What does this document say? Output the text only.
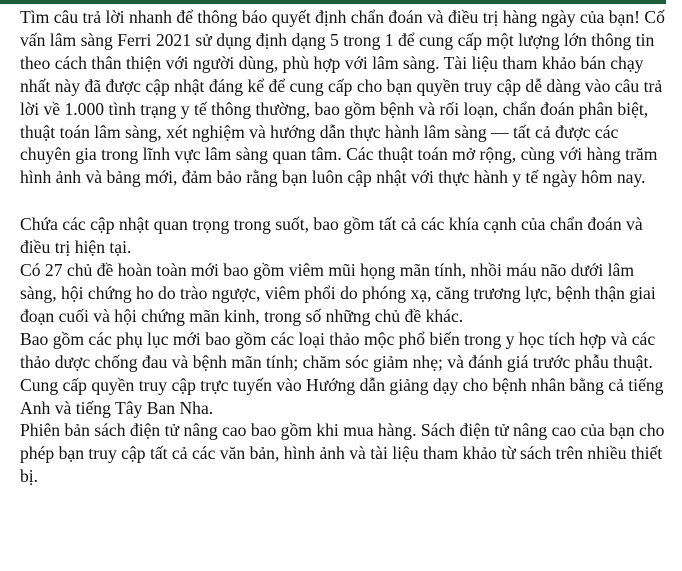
Tìm câu trả lời nhanh để thông báo quyết định chẩn đoán và điều trị hàng ngày của bạn! Cố vấn lâm sàng Ferri 2021 sử dụng định dạng 5 trong 1 để cung cấp một lượng lớn thông tin theo cách thân thiện với người dùng, phù hợp với lâm sàng. Tài liệu tham khảo bán chạy nhất này đã được cập nhật đáng kể để cung cấp cho bạn quyền truy cập dễ dàng vào câu trả lời về 1.000 tình trạng y tế thông thường, bao gồm bệnh và rối loạn, chẩn đoán phân biệt, thuật toán lâm sàng, xét nghiệm và hướng dẫn thực hành lâm sàng — tất cả được các chuyên gia trong lĩnh vực lâm sàng quan tâm. Các thuật toán mở rộng, cùng với hàng trăm hình ảnh và bảng mới, đảm bảo rằng bạn luôn cập nhật với thực hành y tế ngày hôm nay.

Chứa các cập nhật quan trọng trong suốt, bao gồm tất cả các khía cạnh của chẩn đoán và điều trị hiện tại.

Có 27 chủ đề hoàn toàn mới bao gồm viêm mũi họng mãn tính, nhồi máu não dưới lâm sàng, hội chứng ho do trào ngược, viêm phổi do phóng xạ, căng trương lực, bệnh thận giai đoạn cuối và hội chứng mãn kinh, trong số những chủ đề khác.

Bao gồm các phụ lục mới bao gồm các loại thảo mộc phổ biến trong y học tích hợp và các thảo dược chống đau và bệnh mãn tính; chăm sóc giảm nhẹ; và đánh giá trước phẫu thuật.

Cung cấp quyền truy cập trực tuyến vào Hướng dẫn giảng dạy cho bệnh nhân bằng cả tiếng Anh và tiếng Tây Ban Nha.

Phiên bản sách điện tử nâng cao bao gồm khi mua hàng. Sách điện tử nâng cao của bạn cho phép bạn truy cập tất cả các văn bản, hình ảnh và tài liệu tham khảo từ sách trên nhiều thiết bị.
